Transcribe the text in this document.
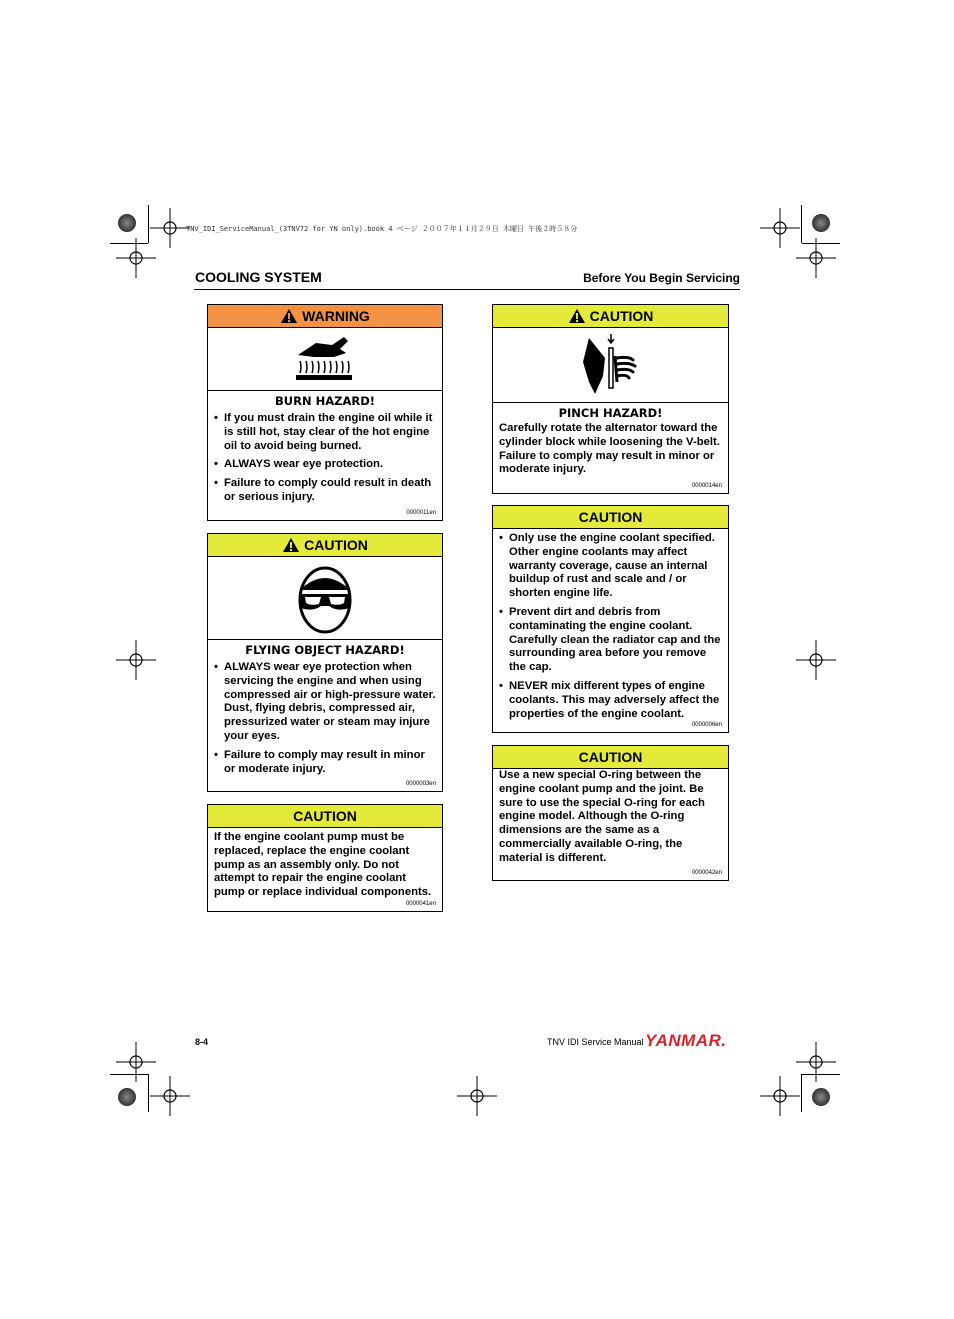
TNV_IDI_ServiceManual_(3TNV72 for YN only).book 4 ページ ２００７年１１月２９日 木曜日 午後２時５８分
COOLING SYSTEM	Before You Begin Servicing
WARNING
BURN HAZARD!
• If you must drain the engine oil while it is still hot, stay clear of the hot engine oil to avoid being burned.
• ALWAYS wear eye protection.
• Failure to comply could result in death or serious injury.
0000011en
CAUTION
FLYING OBJECT HAZARD!
• ALWAYS wear eye protection when servicing the engine and when using compressed air or high-pressure water. Dust, flying debris, compressed air, pressurized water or steam may injure your eyes.
• Failure to comply may result in minor or moderate injury.
0000003en
CAUTION
If the engine coolant pump must be replaced, replace the engine coolant pump as an assembly only. Do not attempt to repair the engine coolant pump or replace individual components.
0000041en
CAUTION
PINCH HAZARD!
Carefully rotate the alternator toward the cylinder block while loosening the V-belt. Failure to comply may result in minor or moderate injury.
0000014en
CAUTION
• Only use the engine coolant specified. Other engine coolants may affect warranty coverage, cause an internal buildup of rust and scale and / or shorten engine life.
• Prevent dirt and debris from contaminating the engine coolant. Carefully clean the radiator cap and the surrounding area before you remove the cap.
• NEVER mix different types of engine coolants. This may adversely affect the properties of the engine coolant.
0000006en
CAUTION
Use a new special O-ring between the engine coolant pump and the joint. Be sure to use the special O-ring for each engine model. Although the O-ring dimensions are the same as a commercially available O-ring, the material is different.
0000042en
8-4	TNV IDI Service Manual YANMAR.
